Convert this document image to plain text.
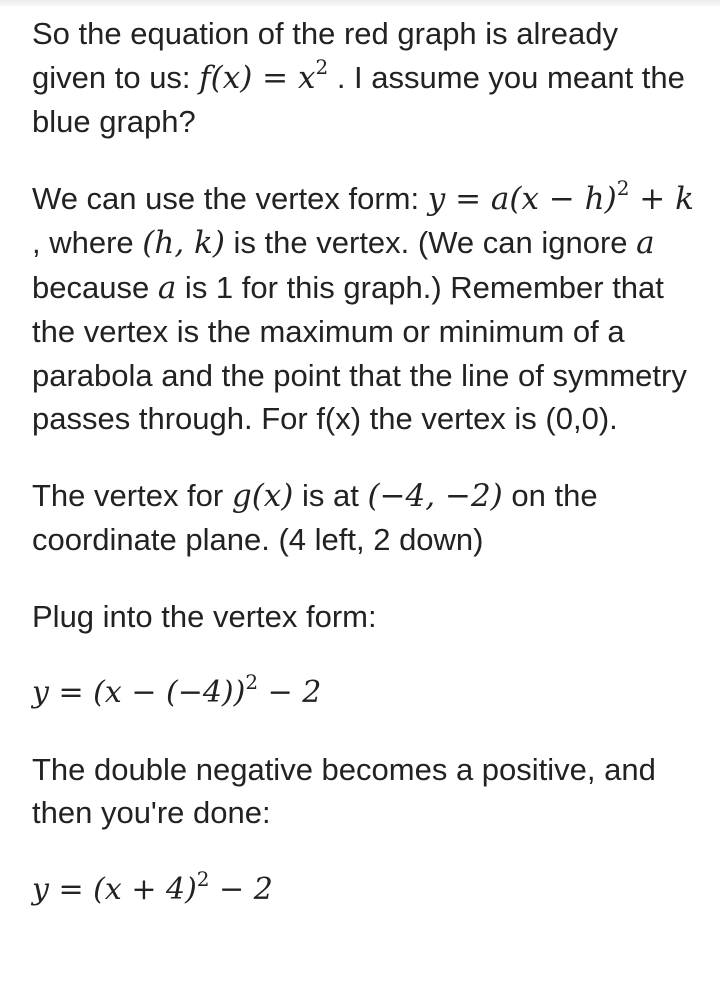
So the equation of the red graph is already given to us: $f(x) = x^2$ . I assume you meant the blue graph?

We can use the vertex form: $y = a(x - h)^2 + k$ , where (h, k) is the vertex. (We can ignore a because a is 1 for this graph.) Remember that the vertex is the maximum or minimum of a parabola and the point that the line of symmetry passes through. For f(x) the vertex is (0,0).

The vertex for g(x) is at (−4, −2) on the coordinate plane. (4 left, 2 down)

Plug into the vertex form:

$y = (x - (-4))^2 - 2$

The double negative becomes a positive, and then you're done:

$y = (x + 4)^2 - 2$
